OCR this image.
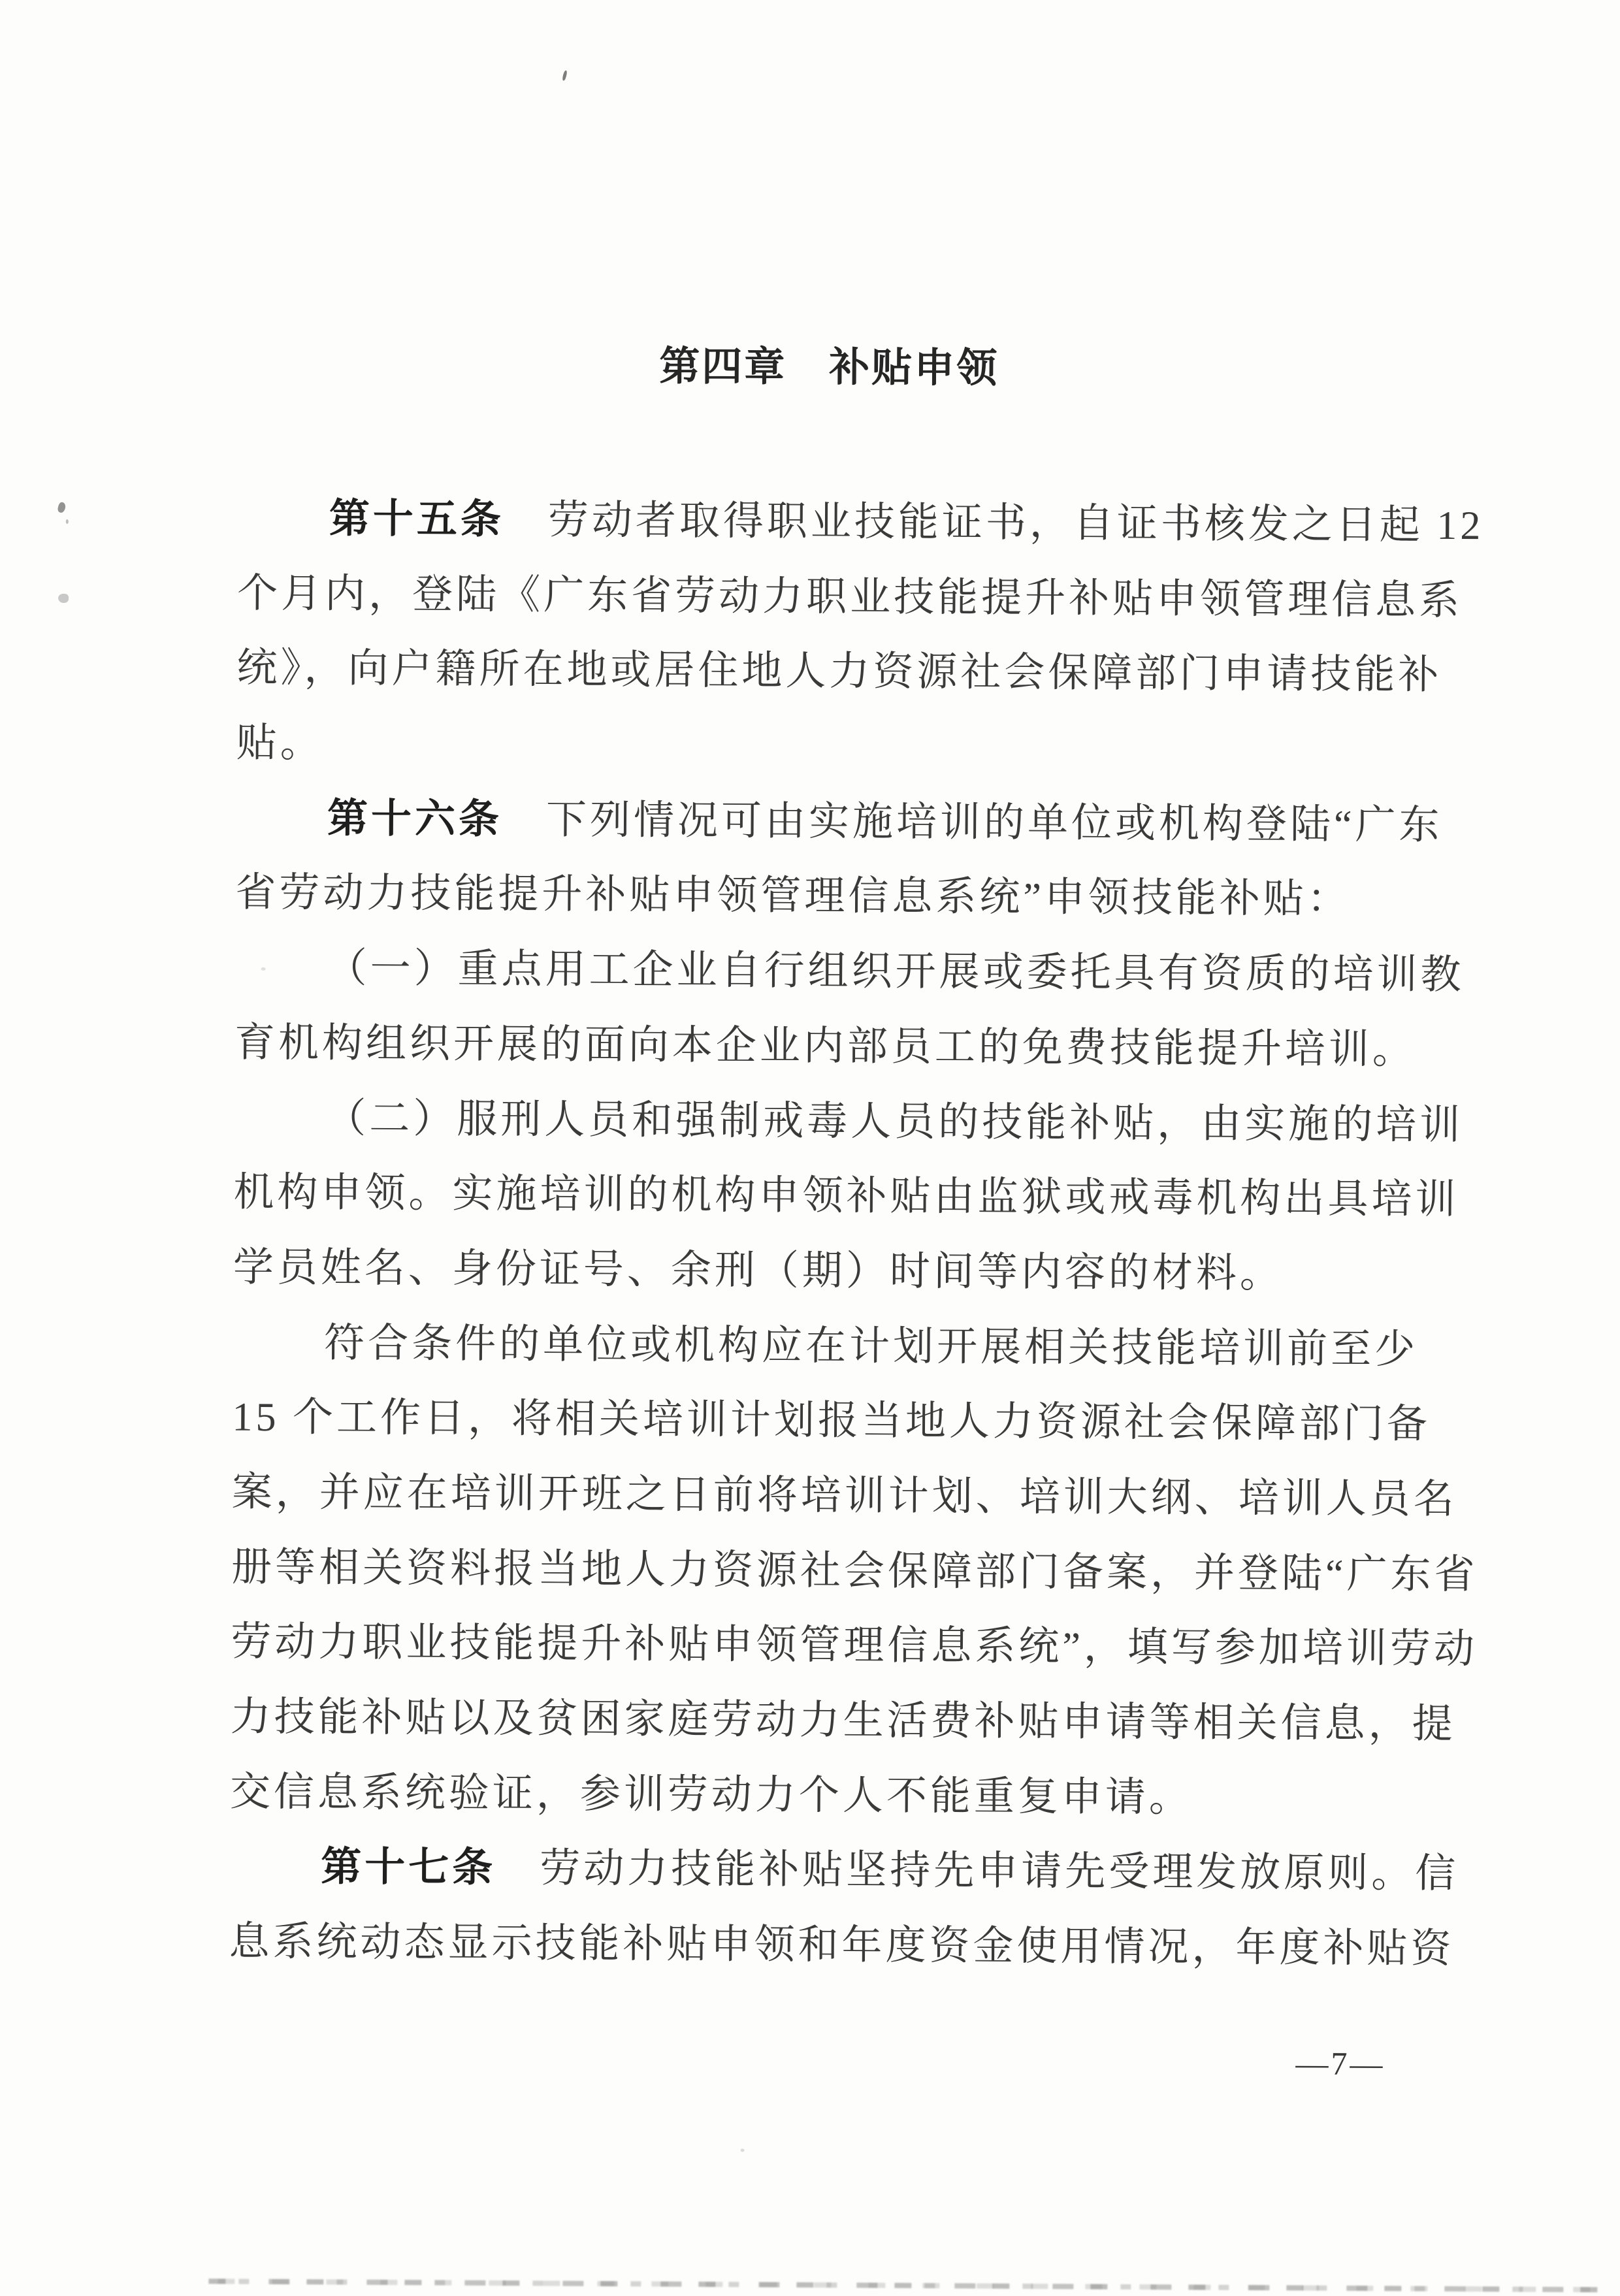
第四章　补贴申领
第十五条　劳动者取得职业技能证书，自证书核发之日起 12
个月内，登陆《广东省劳动力职业技能提升补贴申领管理信息系
统》，向户籍所在地或居住地人力资源社会保障部门申请技能补
贴。
第十六条　下列情况可由实施培训的单位或机构登陆“广东
省劳动力技能提升补贴申领管理信息系统”申领技能补贴：
（一）重点用工企业自行组织开展或委托具有资质的培训教
育机构组织开展的面向本企业内部员工的免费技能提升培训。
（二）服刑人员和强制戒毒人员的技能补贴，由实施的培训
机构申领。实施培训的机构申领补贴由监狱或戒毒机构出具培训
学员姓名、身份证号、余刑（期）时间等内容的材料。
符合条件的单位或机构应在计划开展相关技能培训前至少
15 个工作日，将相关培训计划报当地人力资源社会保障部门备
案，并应在培训开班之日前将培训计划、培训大纲、培训人员名
册等相关资料报当地人力资源社会保障部门备案，并登陆“广东省
劳动力职业技能提升补贴申领管理信息系统”，填写参加培训劳动
力技能补贴以及贫困家庭劳动力生活费补贴申请等相关信息，提
交信息系统验证，参训劳动力个人不能重复申请。
第十七条　劳动力技能补贴坚持先申请先受理发放原则。信
息系统动态显示技能补贴申领和年度资金使用情况，年度补贴资
—7—
